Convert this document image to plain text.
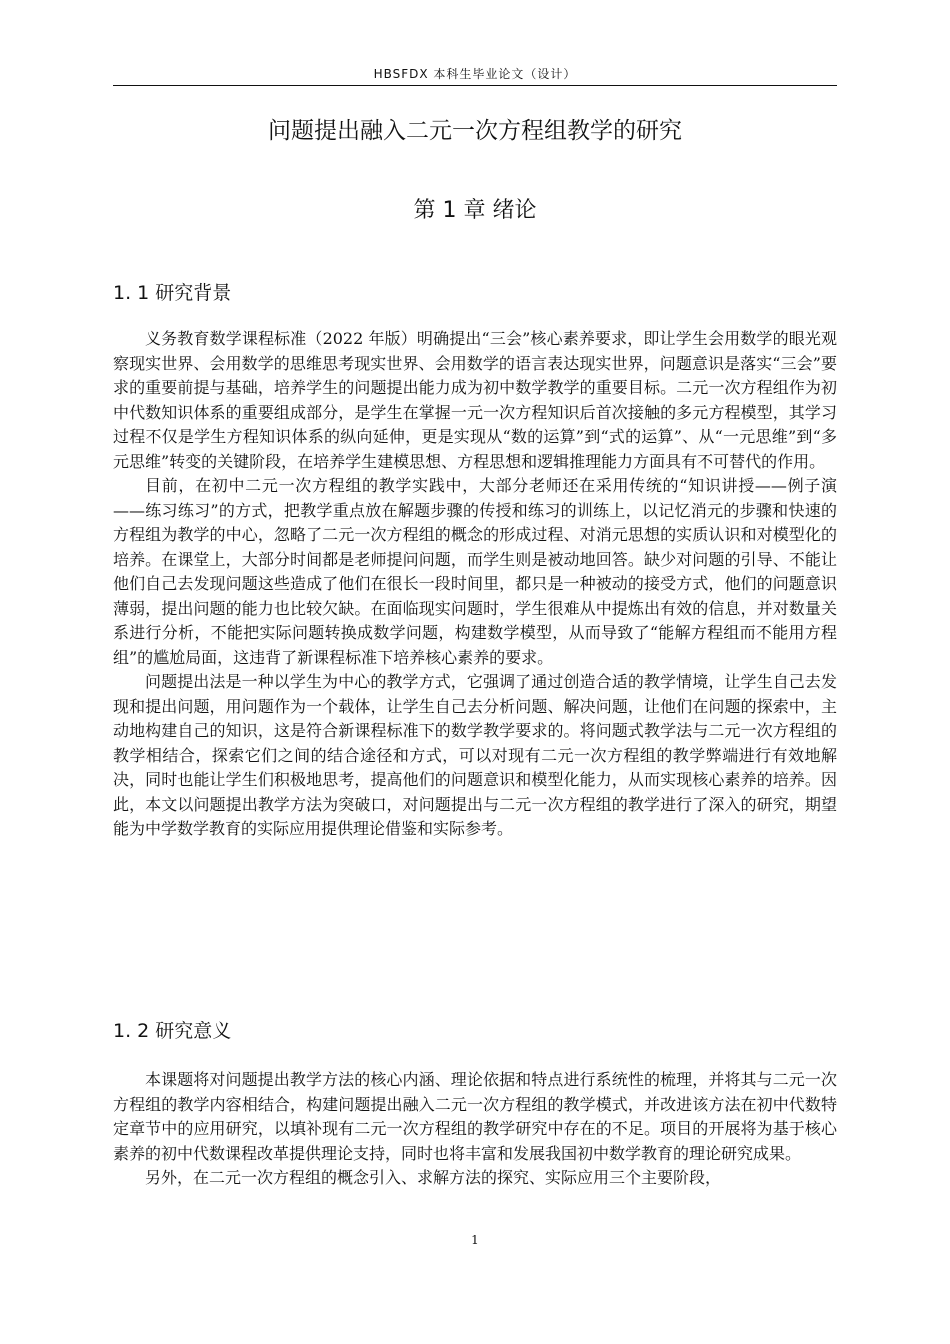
HBSFDX 本科生毕业论文（设计）
问题提出融入二元一次方程组教学的研究
第 1 章 绪论
1. 1 研究背景

义务教育数学课程标准（2022 年版）明确提出“三会”核心素养要求，即让学生会用数学的眼光观察现实世界、会用数学的思维思考现实世界、会用数学的语言表达现实世界，问题意识是落实“三会”要求的重要前提与基础，培养学生的问题提出能力成为初中数学教学的重要目标。二元一次方程组作为初中代数知识体系的重要组成部分，是学生在掌握一元一次方程知识后首次接触的多元方程模型，其学习过程不仅是学生方程知识体系的纵向延伸，更是实现从“数的运算”到“式的运算”、从“一元思维”到“多元思维”转变的关键阶段，在培养学生建模思想、方程思想和逻辑推理能力方面具有不可替代的作用。

目前，在初中二元一次方程组的教学实践中，大部分老师还在采用传统的“知识讲授——例子演——练习练习”的方式，把教学重点放在解题步骤的传授和练习的训练上，以记忆消元的步骤和快速的方程组为教学的中心，忽略了二元一次方程组的概念的形成过程、对消元思想的实质认识和对模型化的培养。在课堂上，大部分时间都是老师提问问题，而学生则是被动地回答。缺少对问题的引导、不能让他们自己去发现问题这些造成了他们在很长一段时间里，都只是一种被动的接受方式，他们的问题意识薄弱，提出问题的能力也比较欠缺。在面临现实问题时，学生很难从中提炼出有效的信息，并对数量关系进行分析，不能把实际问题转换成数学问题，构建数学模型，从而导致了“能解方程组而不能用方程组”的尴尬局面，这违背了新课程标准下培养核心素养的要求。

问题提出法是一种以学生为中心的教学方式，它强调了通过创造合适的教学情境，让学生自己去发现和提出问题，用问题作为一个载体，让学生自己去分析问题、解决问题，让他们在问题的探索中，主动地构建自己的知识，这是符合新课程标准下的数学教学要求的。将问题式教学法与二元一次方程组的教学相结合，探索它们之间的结合途径和方式，可以对现有二元一次方程组的教学弊端进行有效地解决，同时也能让学生们积极地思考，提高他们的问题意识和模型化能力，从而实现核心素养的培养。因此，本文以问题提出教学方法为突破口，对问题提出与二元一次方程组的教学进行了深入的研究，期望能为中学数学教育的实际应用提供理论借鉴和实际参考。

1. 2 研究意义

本课题将对问题提出教学方法的核心内涵、理论依据和特点进行系统性的梳理，并将其与二元一次方程组的教学内容相结合，构建问题提出融入二元一次方程组的教学模式，并改进该方法在初中代数特定章节中的应用研究，以填补现有二元一次方程组的教学研究中存在的不足。项目的开展将为基于核心素养的初中代数课程改革提供理论支持，同时也将丰富和发展我国初中数学教育的理论研究成果。

另外，在二元一次方程组的概念引入、求解方法的探究、实际应用三个主要阶段，

1
